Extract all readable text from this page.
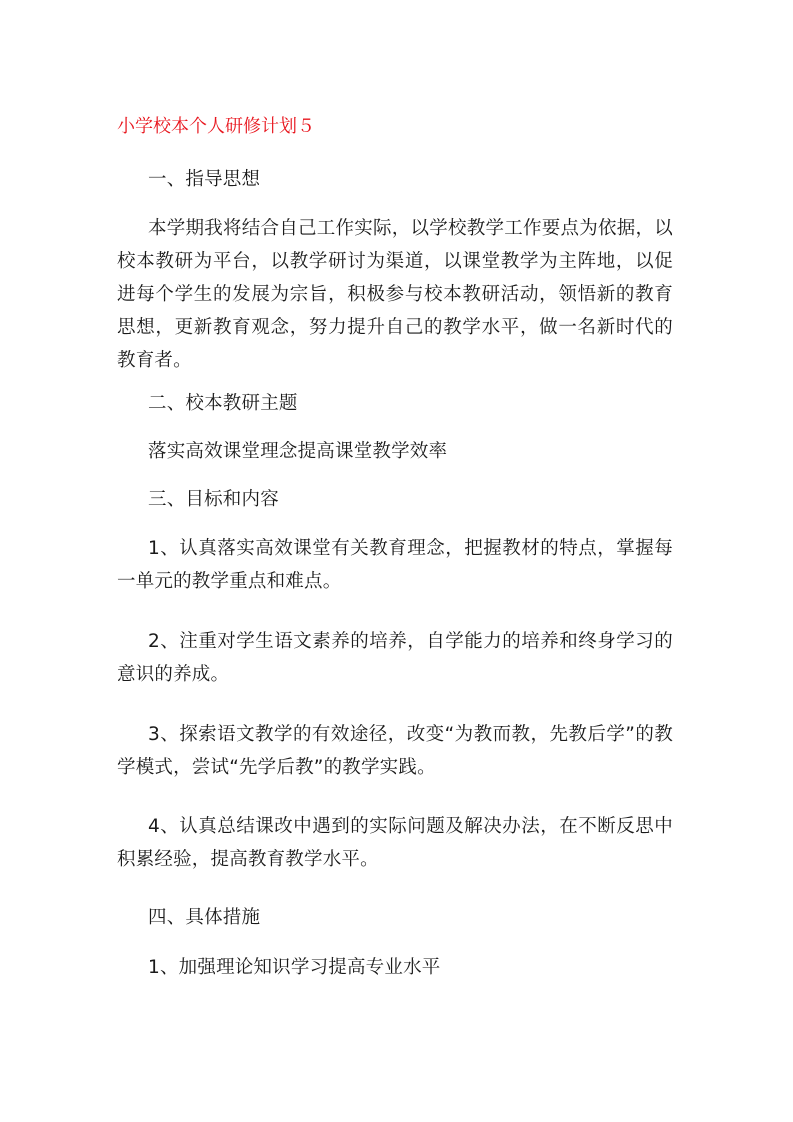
小学校本个人研修计划５

一、指导思想

本学期我将结合自己工作实际，以学校教学工作要点为依据，以校本教研为平台，以教学研讨为渠道，以课堂教学为主阵地，以促进每个学生的发展为宗旨，积极参与校本教研活动，领悟新的教育思想，更新教育观念，努力提升自己的教学水平，做一名新时代的教育者。

二、校本教研主题

落实高效课堂理念提高课堂教学效率

三、目标和内容

1、认真落实高效课堂有关教育理念，把握教材的特点，掌握每一单元的教学重点和难点。

2、注重对学生语文素养的培养，自学能力的培养和终身学习的意识的养成。

3、探索语文教学的有效途径，改变“为教而教，先教后学”的教学模式，尝试“先学后教”的教学实践。

4、认真总结课改中遇到的实际问题及解决办法，在不断反思中积累经验，提高教育教学水平。

四、具体措施

1、加强理论知识学习提高专业水平
